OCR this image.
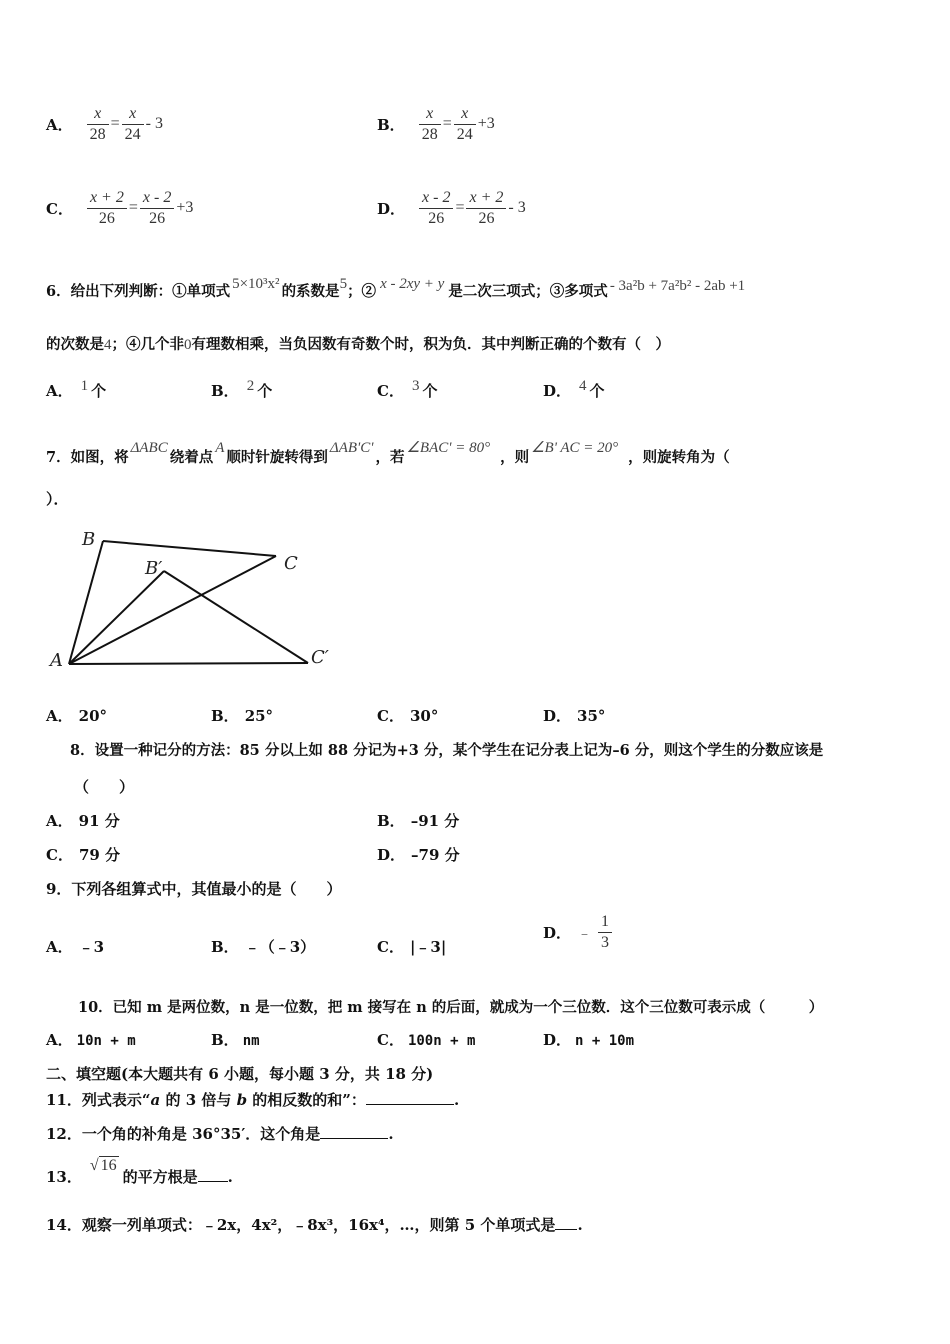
A． $\frac{x}{28} = \frac{x}{24} - 3$	B． $\frac{x}{28} = \frac{x}{24} +3$
C． $\frac{x + 2}{26} = \frac{x - 2}{26} +3$	D． $\frac{x - 2}{26} = \frac{x + 2}{26} - 3$
6．给出下列判断：①单项式 5×10³x² 的系数是5；② x - 2xy + y 是二次三项式；③多项式 - 3a²b + 7a²b² - 2ab +1
的次数是4；④几个非0有理数相乘，当负因数有奇数个时，积为负．其中判断正确的个数有（　）
A． 1 个	B． 2 个	C． 3 个	D． 4 个
7．如图，将ΔABC绕着点A顺时针旋转得到ΔAB'C'，若∠BAC' = 80°，则∠B' AC = 20°，则旋转角为（
）．
B
B′	C
C′
A
A． 20°	B． 25°	C． 30°	D． 35°
8．设置一种记分的方法：85 分以上如 88 分记为+3 分，某个学生在记分表上记为–6 分，则这个学生的分数应该是
（　　）
A． 91 分	B． –91 分
C． 79 分	D． –79 分
9．下列各组算式中，其值最小的是（　　）
A． ﹣3	B． ﹣（﹣3）	C． |﹣3|
D． ﹣ $\frac{1}{3}$
10．已知 m 是两位数，n 是一位数，把 m 接写在 n 的后面，就成为一个三位数．这个三位数可表示成（　　　）
A． 10n + m	B． nm	C． 100n + m	D． n + 10m
二、填空题(本大题共有 6 小题，每小题 3 分，共 18 分)
11．列式表示“a 的 3 倍与 b 的相反数的和”：	.
12．一个角的补角是 36°35′．这个角是	.
13．√ 16的平方根是 .
14．观察一列单项式：﹣2x，4x²，﹣8x³，16x⁴，…，则第 5 个单项式是 .
